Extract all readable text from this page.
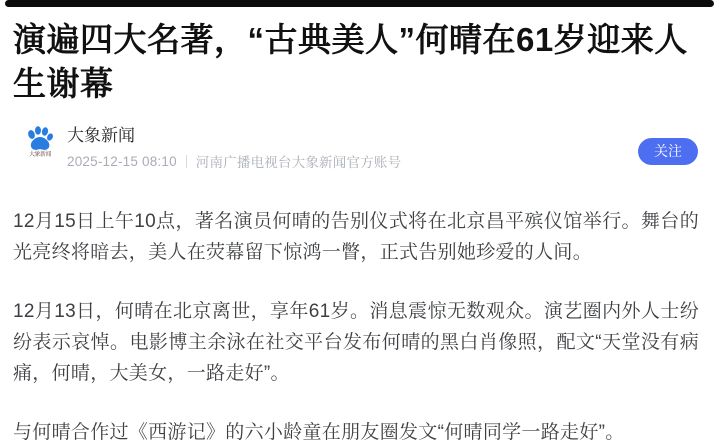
演遍四大名著，“古典美人”何晴在61岁迎来人生谢幕
大象新闻
大象新闻
2025-12-15 08:10 河南广播电视台大象新闻官方账号
关注

12月15日上午10点，著名演员何晴的告别仪式将在北京昌平殡仪馆举行。舞台的光亮终将暗去，美人在荧幕留下惊鸿一瞥，正式告别她珍爱的人间。

12月13日，何晴在北京离世，享年61岁。消息震惊无数观众。演艺圈内外人士纷纷表示哀悼。电影博主余泳在社交平台发布何晴的黑白肖像照，配文“天堂没有病痛，何晴，大美女，一路走好”。

与何晴合作过《西游记》的六小龄童在朋友圈发文“何晴同学一路走好”。
